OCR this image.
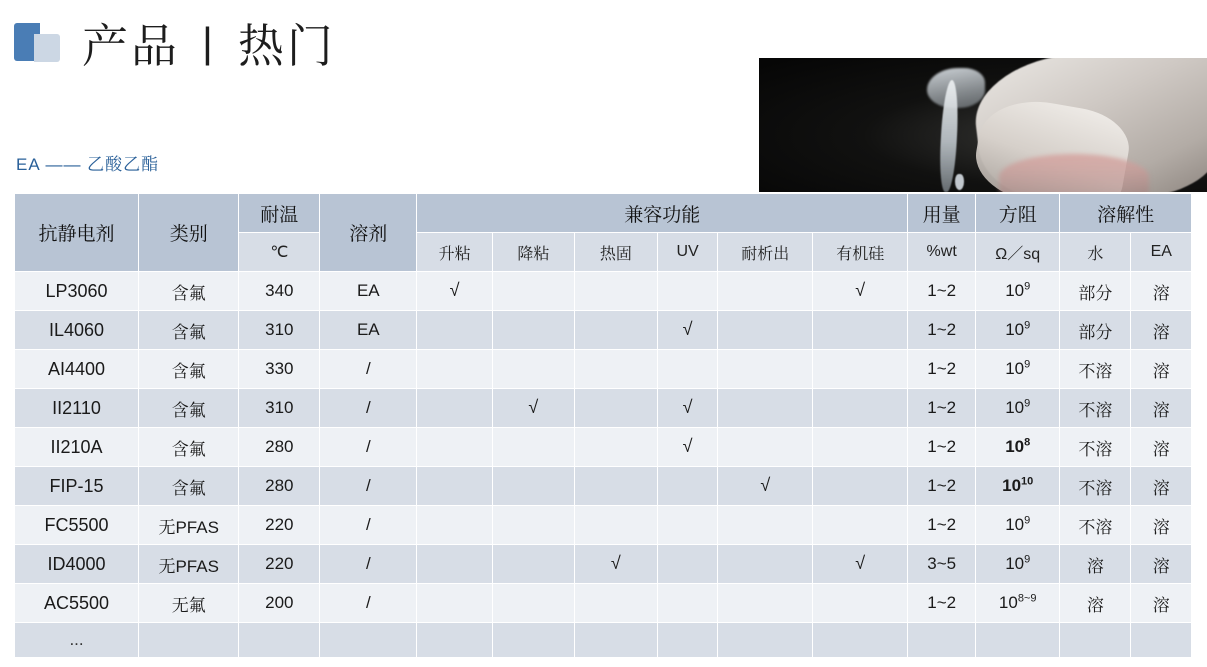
产品 | 热门
EA —— 乙酸乙酯
抗静电剂	类别	耐温	溶剂	兼容功能						用量	方阻	溶解性	
		℃		升粘	降粘	热固	UV	耐析出	有机硅	%wt	Ω／sq	水	EA
LP3060	含氟	340	EA	√					√	1~2	$10^9$	部分	溶
IL4060	含氟	310	EA				√			1~2	$10^9$	部分	溶
AI4400	含氟	330	/							1~2	$10^9$	不溶	溶
II2110	含氟	310	/		√		√			1~2	$10^9$	不溶	溶
II210A	含氟	280	/				√			1~2	$10^8$	不溶	溶
FIP-15	含氟	280	/					√		1~2	$10^{10}$	不溶	溶
FC5500	无PFAS	220	/							1~2	$10^9$	不溶	溶
ID4000	无PFAS	220	/			√			√	3~5	$10^9$	溶	溶
AC5500	无氟	200	/							1~2	$10^{8\sim 9}$	溶	溶
...													
